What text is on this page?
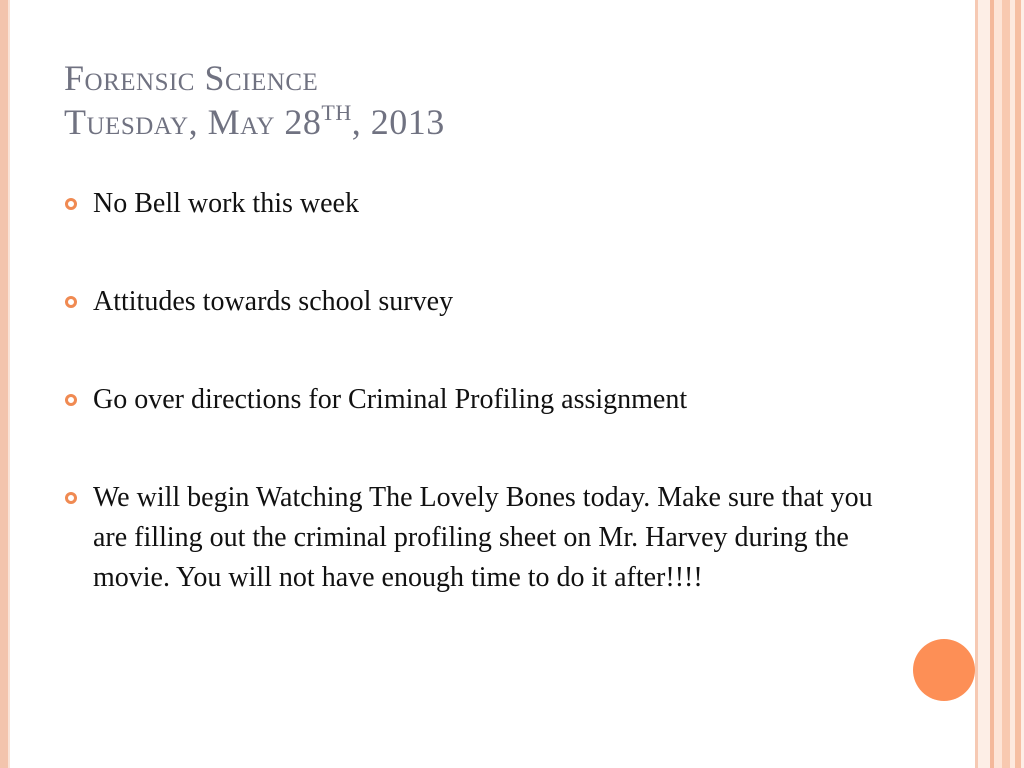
Forensic Science
Tuesday, May 28TH, 2013
No Bell work this week
Attitudes towards school survey
Go over directions for Criminal Profiling assignment
We will begin Watching The Lovely Bones today. Make sure that you are filling out the criminal profiling sheet on Mr. Harvey during the movie. You will not have enough time to do it after!!!!
